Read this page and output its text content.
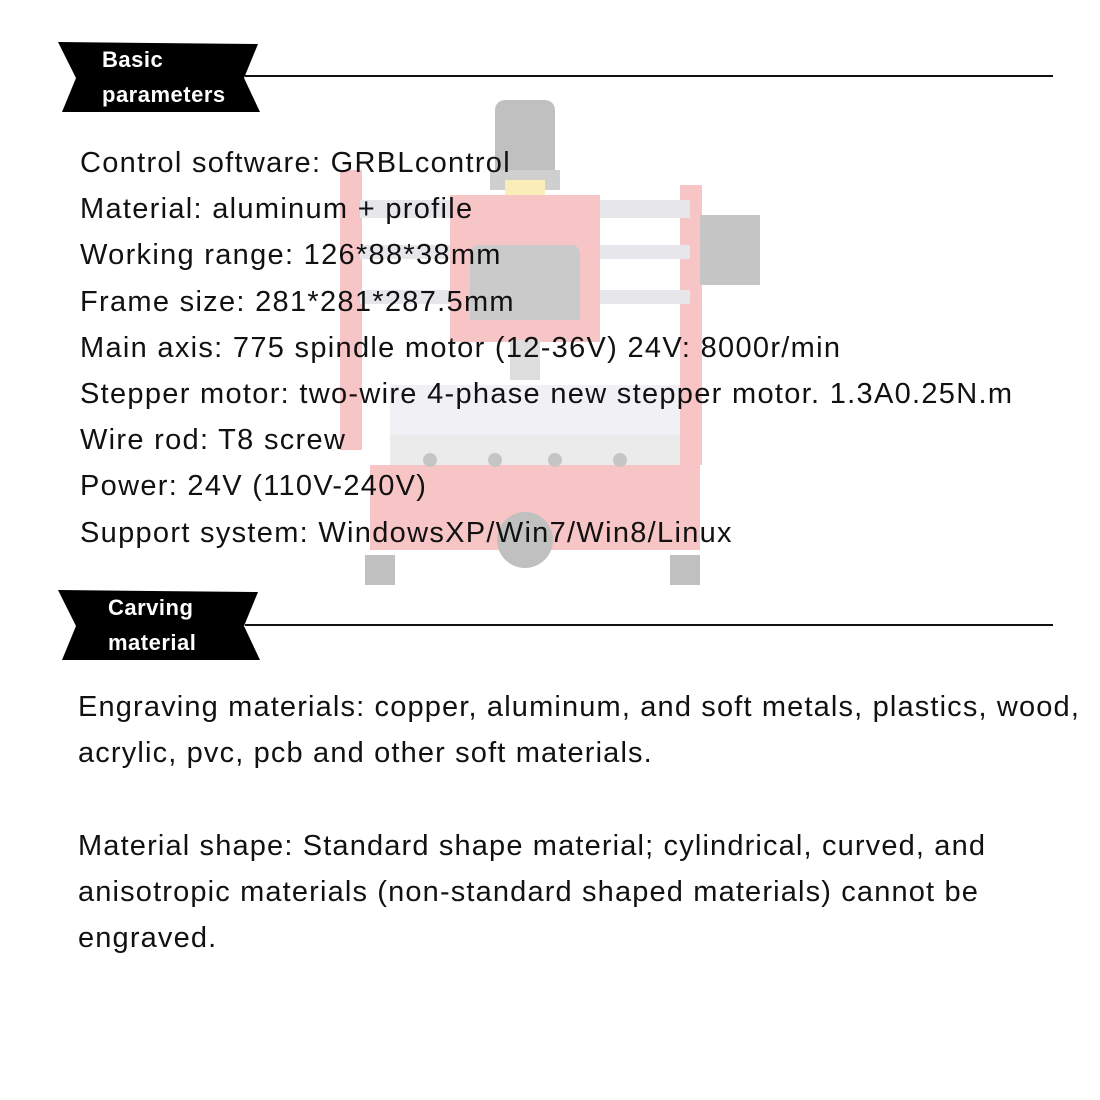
Basic
parameters
Control software: GRBLcontrol
Material: aluminum + profile
Working range: 126*88*38mm
Frame size: 281*281*287.5mm
Main axis: 775 spindle motor (12-36V) 24V: 8000r/min
Stepper motor: two-wire 4-phase new stepper motor. 1.3A0.25N.m
Wire rod: T8 screw
Power: 24V (110V-240V)
Support system: WindowsXP/Win7/Win8/Linux
Carving
material

Engraving materials: copper, aluminum, and soft metals, plastics, wood, acrylic, pvc, pcb and other soft materials.

Material shape: Standard shape material; cylindrical, curved, and anisotropic materials (non-standard shaped materials) cannot be engraved.
